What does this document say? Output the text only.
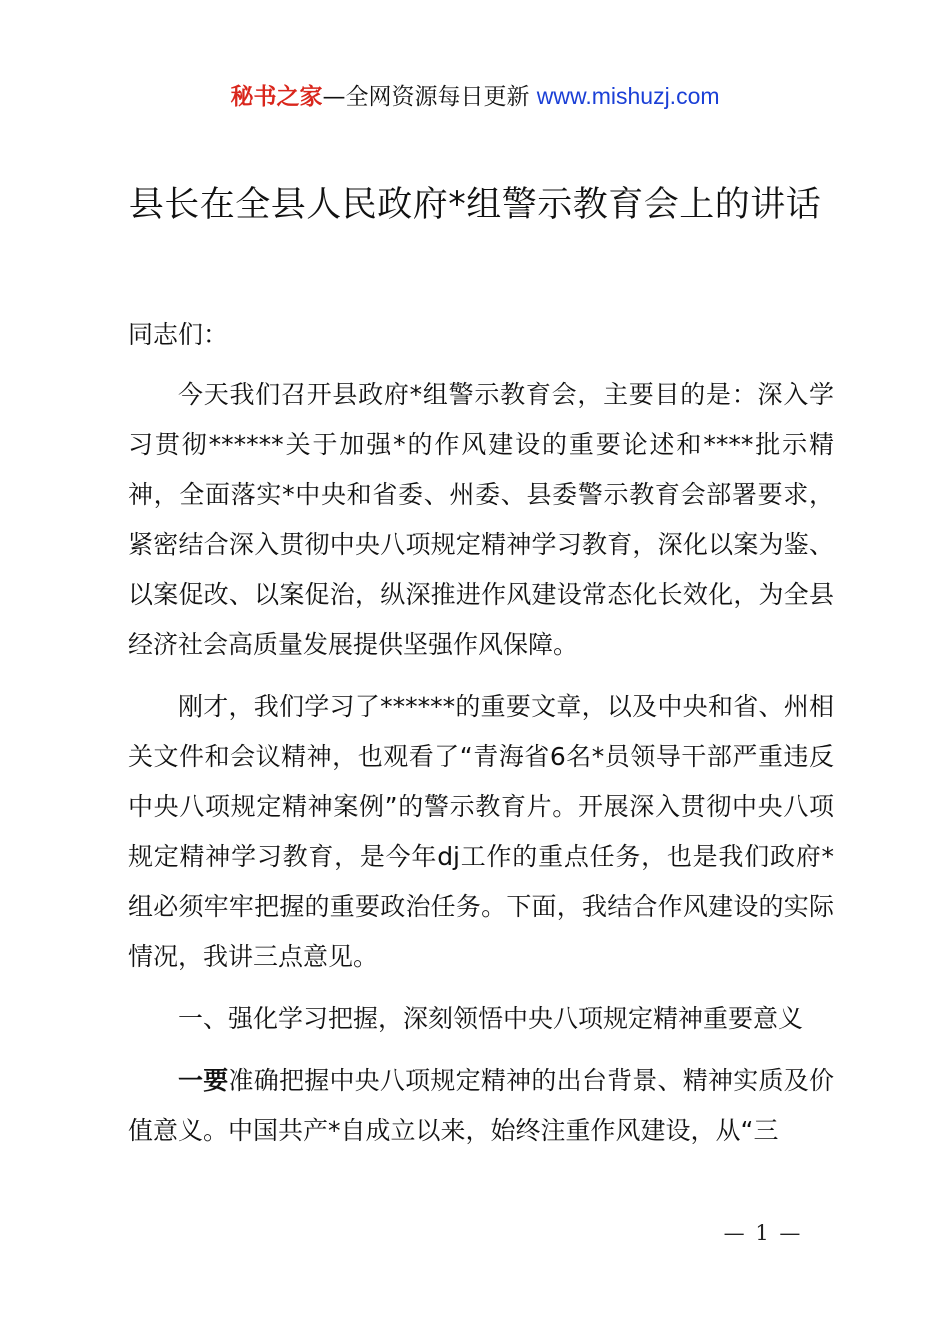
秘书之家—全网资源每日更新 www.mishuzj.com
县长在全县人民政府*组警示教育会上的讲话

同志们：

今天我们召开县政府*组警示教育会，主要目的是：深入学习贯彻******关于加强*的作风建设的重要论述和****批示精神，全面落实*中央和省委、州委、县委警示教育会部署要求，紧密结合深入贯彻中央八项规定精神学习教育，深化以案为鉴、以案促改、以案促治，纵深推进作风建设常态化长效化，为全县经济社会高质量发展提供坚强作风保障。

刚才，我们学习了******的重要文章，以及中央和省、州相关文件和会议精神，也观看了“青海省6名*员领导干部严重违反中央八项规定精神案例”的警示教育片。开展深入贯彻中央八项规定精神学习教育，是今年dj工作的重点任务，也是我们政府*组必须牢牢把握的重要政治任务。下面，我结合作风建设的实际情况，我讲三点意见。

一、强化学习把握，深刻领悟中央八项规定精神重要意义

一要准确把握中央八项规定精神的出台背景、精神实质及价值意义。中国共产*自成立以来，始终注重作风建设，从“三

— 1 —
